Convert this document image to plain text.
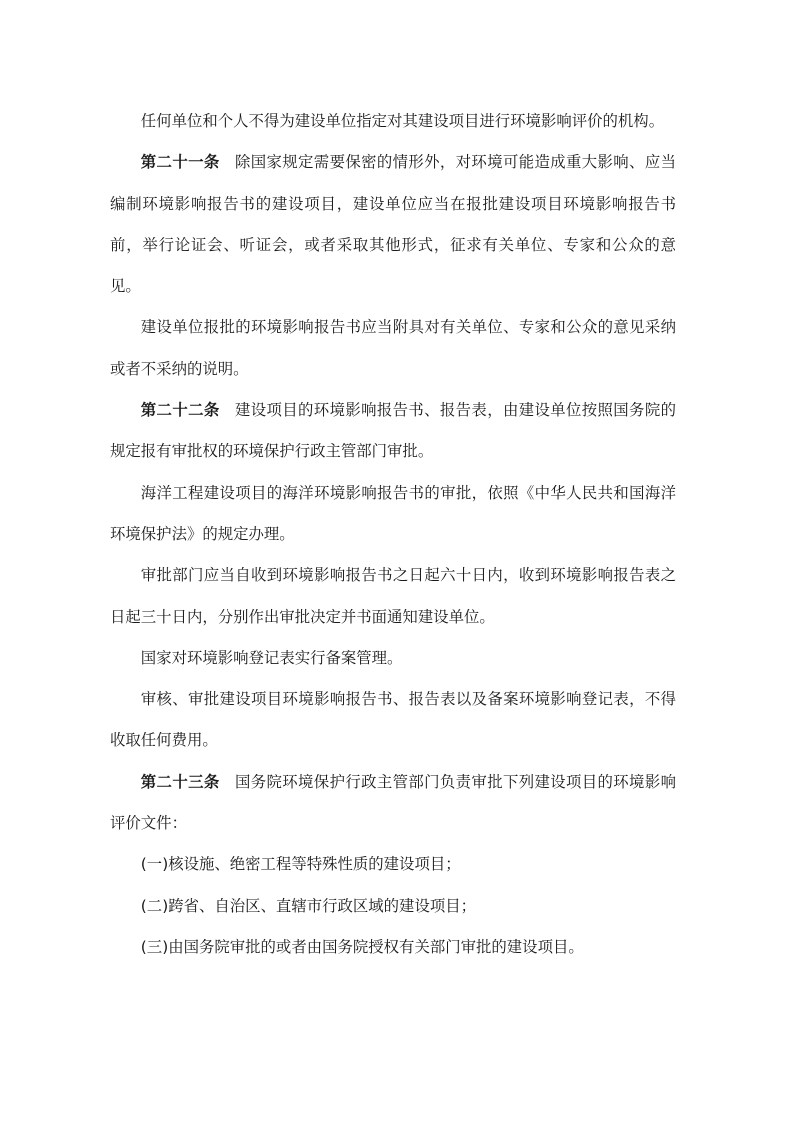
任何单位和个人不得为建设单位指定对其建设项目进行环境影响评价的机构。

第二十一条 除国家规定需要保密的情形外，对环境可能造成重大影响、应当编制环境影响报告书的建设项目，建设单位应当在报批建设项目环境影响报告书前，举行论证会、听证会，或者采取其他形式，征求有关单位、专家和公众的意见。

建设单位报批的环境影响报告书应当附具对有关单位、专家和公众的意见采纳或者不采纳的说明。

第二十二条 建设项目的环境影响报告书、报告表，由建设单位按照国务院的规定报有审批权的环境保护行政主管部门审批。

海洋工程建设项目的海洋环境影响报告书的审批，依照《中华人民共和国海洋环境保护法》的规定办理。

审批部门应当自收到环境影响报告书之日起六十日内，收到环境影响报告表之日起三十日内，分别作出审批决定并书面通知建设单位。

国家对环境影响登记表实行备案管理。

审核、审批建设项目环境影响报告书、报告表以及备案环境影响登记表，不得收取任何费用。

第二十三条 国务院环境保护行政主管部门负责审批下列建设项目的环境影响评价文件：

(一)核设施、绝密工程等特殊性质的建设项目；

(二)跨省、自治区、直辖市行政区域的建设项目；

(三)由国务院审批的或者由国务院授权有关部门审批的建设项目。
